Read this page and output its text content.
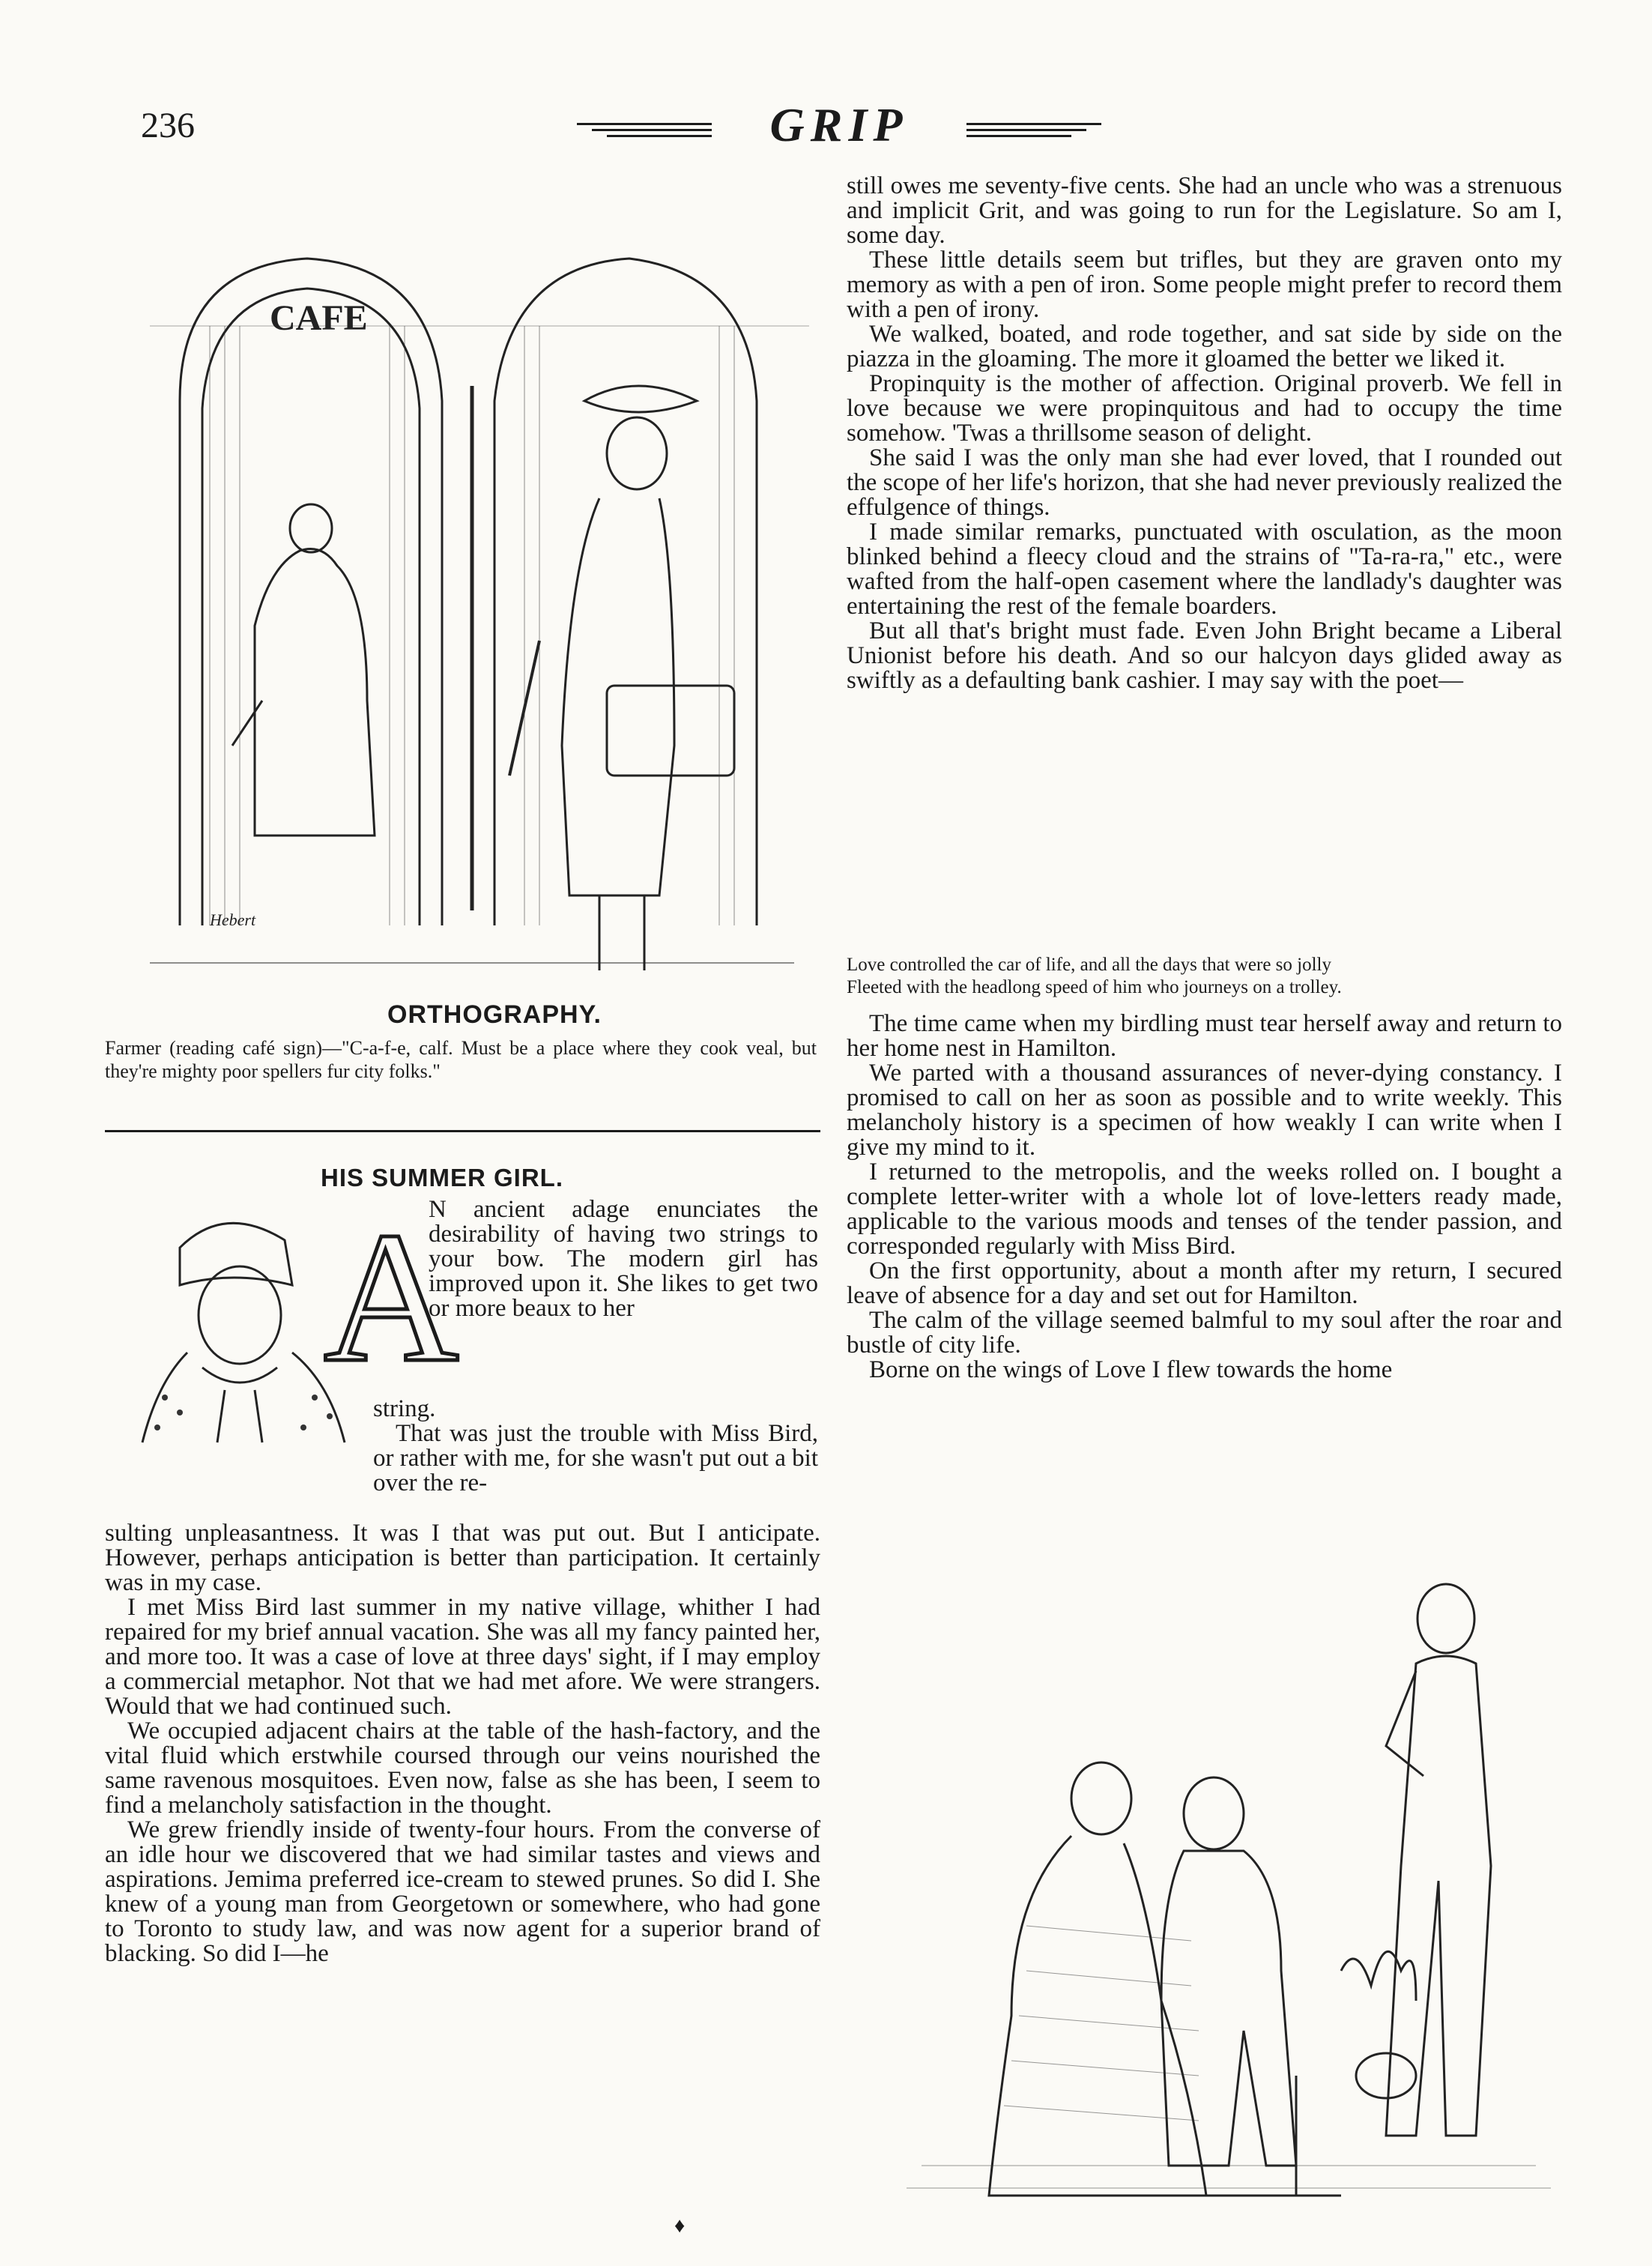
236	GRIP
CAFE
Hebert
ORTHOGRAPHY.
Farmer (reading café sign)—"C-a-f-e, calf. Must be a place where they cook veal, but they're mighty poor spellers fur city folks."
HIS SUMMER GIRL.
A
N ancient adage enunciates the desirability of having two strings to your bow. The modern girl has improved upon it. She likes to get two or more beaux to her
string.
That was just the trouble with Miss Bird, or rather with me, for she wasn't put out a bit over the re-

sulting unpleasantness. It was I that was put out. But I anticipate. However, perhaps anticipation is better than participation. It certainly was in my case.

I met Miss Bird last summer in my native village, whither I had repaired for my brief annual vacation. She was all my fancy painted her, and more too. It was a case of love at three days' sight, if I may employ a commercial metaphor. Not that we had met afore. We were strangers. Would that we had continued such.

We occupied adjacent chairs at the table of the hash-factory, and the vital fluid which erstwhile coursed through our veins nourished the same ravenous mosquitoes. Even now, false as she has been, I seem to find a melancholy satisfaction in the thought.

We grew friendly inside of twenty-four hours. From the converse of an idle hour we discovered that we had similar tastes and views and aspirations. Jemima preferred ice-cream to stewed prunes. So did I. She knew of a young man from Georgetown or somewhere, who had gone to Toronto to study law, and was now agent for a superior brand of blacking. So did I—he

still owes me seventy-five cents. She had an uncle who was a strenuous and implicit Grit, and was going to run for the Legislature. So am I, some day.

These little details seem but trifles, but they are graven onto my memory as with a pen of iron. Some people might prefer to record them with a pen of irony.

We walked, boated, and rode together, and sat side by side on the piazza in the gloaming. The more it gloamed the better we liked it.

Propinquity is the mother of affection. Original proverb. We fell in love because we were propinquitous and had to occupy the time somehow. 'Twas a thrillsome season of delight.

She said I was the only man she had ever loved, that I rounded out the scope of her life's horizon, that she had never previously realized the effulgence of things.

I made similar remarks, punctuated with osculation, as the moon blinked behind a fleecy cloud and the strains of "Ta-ra-ra," etc., were wafted from the half-open casement where the landlady's daughter was entertaining the rest of the female boarders.

But all that's bright must fade. Even John Bright became a Liberal Unionist before his death. And so our halcyon days glided away as swiftly as a defaulting bank cashier. I may say with the poet—

Love controlled the car of life, and all the days that were so jolly
Fleeted with the headlong speed of him who journeys on a trolley.

The time came when my birdling must tear herself away and return to her home nest in Hamilton.

We parted with a thousand assurances of never-dying constancy. I promised to call on her as soon as possible and to write weekly. This melancholy history is a specimen of how weakly I can write when I give my mind to it.

I returned to the metropolis, and the weeks rolled on. I bought a complete letter-writer with a whole lot of love-letters ready made, applicable to the various moods and tenses of the tender passion, and corresponded regularly with Miss Bird.

On the first opportunity, about a month after my return, I secured leave of absence for a day and set out for Hamilton.

The calm of the village seemed balmful to my soul after the roar and bustle of city life.

Borne on the wings of Love I flew towards the home

♦
